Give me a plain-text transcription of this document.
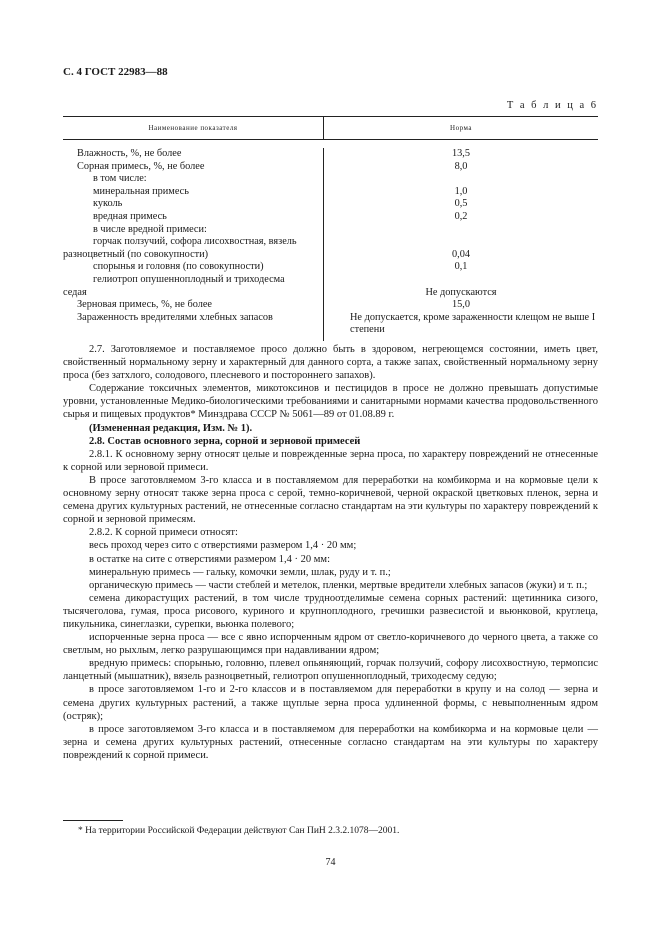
С. 4 ГОСТ 22983—88
Т а б л и ц а 6
Наименование показателя	Норма
Влажность, %, не более
Сорная примесь, %, не более
в том числе:
минеральная примесь
куколь
вредная примесь
в числе вредной примеси:
горчак ползучий, софора лисохвостная, вязель
разноцветный (по совокупности)
спорынья и головня (по совокупности)
гелиотроп опушенноплодный и триходесма
седая
Зерновая примесь, %, не более
Зараженность вредителями хлебных запасов
13,5
8,0
1,0
0,5
0,2
0,04
0,1
Не допускаются
15,0
Не допускается, кроме зараженности клещом не выше I степени

2.7. Заготовляемое и поставляемое просо должно быть в здоровом, негреющемся состоянии, иметь цвет, свойственный нормальному зерну и характерный для данного сорта, а также запах, свойственный нормальному зерну проса (без затхлого, солодового, плесневого и постороннего запахов).

Содержание токсичных элементов, микотоксинов и пестицидов в просе не должно превышать допустимые уровни, установленные Медико-биологическими требованиями и санитарными нормами качества продовольственного сырья и пищевых продуктов* Минздрава СССР № 5061—89 от 01.08.89 г.

(Измененная редакция, Изм. № 1).

2.8. Состав основного зерна, сорной и зерновой примесей

2.8.1. К основному зерну относят целые и поврежденные зерна проса, по характеру повреждений не отнесенные к сорной или зерновой примеси.

В просе заготовляемом 3-го класса и в поставляемом для переработки на комбикорма и на кормовые цели к основному зерну относят также зерна проса с серой, темно-коричневой, черной окраской цветковых пленок, зерна и семена других культурных растений, не отнесенные согласно стандартам на эти культуры по характеру повреждений к сорной и зерновой примесям.

2.8.2. К сорной примеси относят:

весь проход через сито с отверстиями размером 1,4 · 20 мм;

в остатке на сите с отверстиями размером 1,4 · 20 мм:

минеральную примесь — гальку, комочки земли, шлак, руду и т. п.;

органическую примесь — части стеблей и метелок, пленки, мертвые вредители хлебных запасов (жуки) и т. п.;

семена дикорастущих растений, в том числе трудноотделимые семена сорных растений: щетинника сизого, тысячеголова, гумая, проса рисового, куриного и крупноплодного, гречишки развесистой и вьюнковой, круглеца, пикульника, синеглазки, сурепки, вьюнка полевого;

испорченные зерна проса — все с явно испорченным ядром от светло-коричневого до черного цвета, а также со светлым, но рыхлым, легко разрушающимся при надавливании ядром;

вредную примесь: спорынью, головню, плевел опьяняющий, горчак ползучий, софору лисохвостную, термопсис ланцетный (мышатник), вязель разноцветный, гелиотроп опушенноплодный, триходесму седую;

в просе заготовляемом 1-го и 2-го классов и в поставляемом для переработки в крупу и на солод — зерна и семена других культурных растений, а также щуплые зерна проса удлиненной формы, с невыполненным ядром (остряк);

в просе заготовляемом 3-го класса и в поставляемом для переработки на комбикорма и на кормовые цели — зерна и семена других культурных растений, отнесенные согласно стандартам на эти культуры по характеру повреждений к сорной примеси.

* На территории Российской Федерации действуют Сан ПиН 2.3.2.1078—2001.
74
